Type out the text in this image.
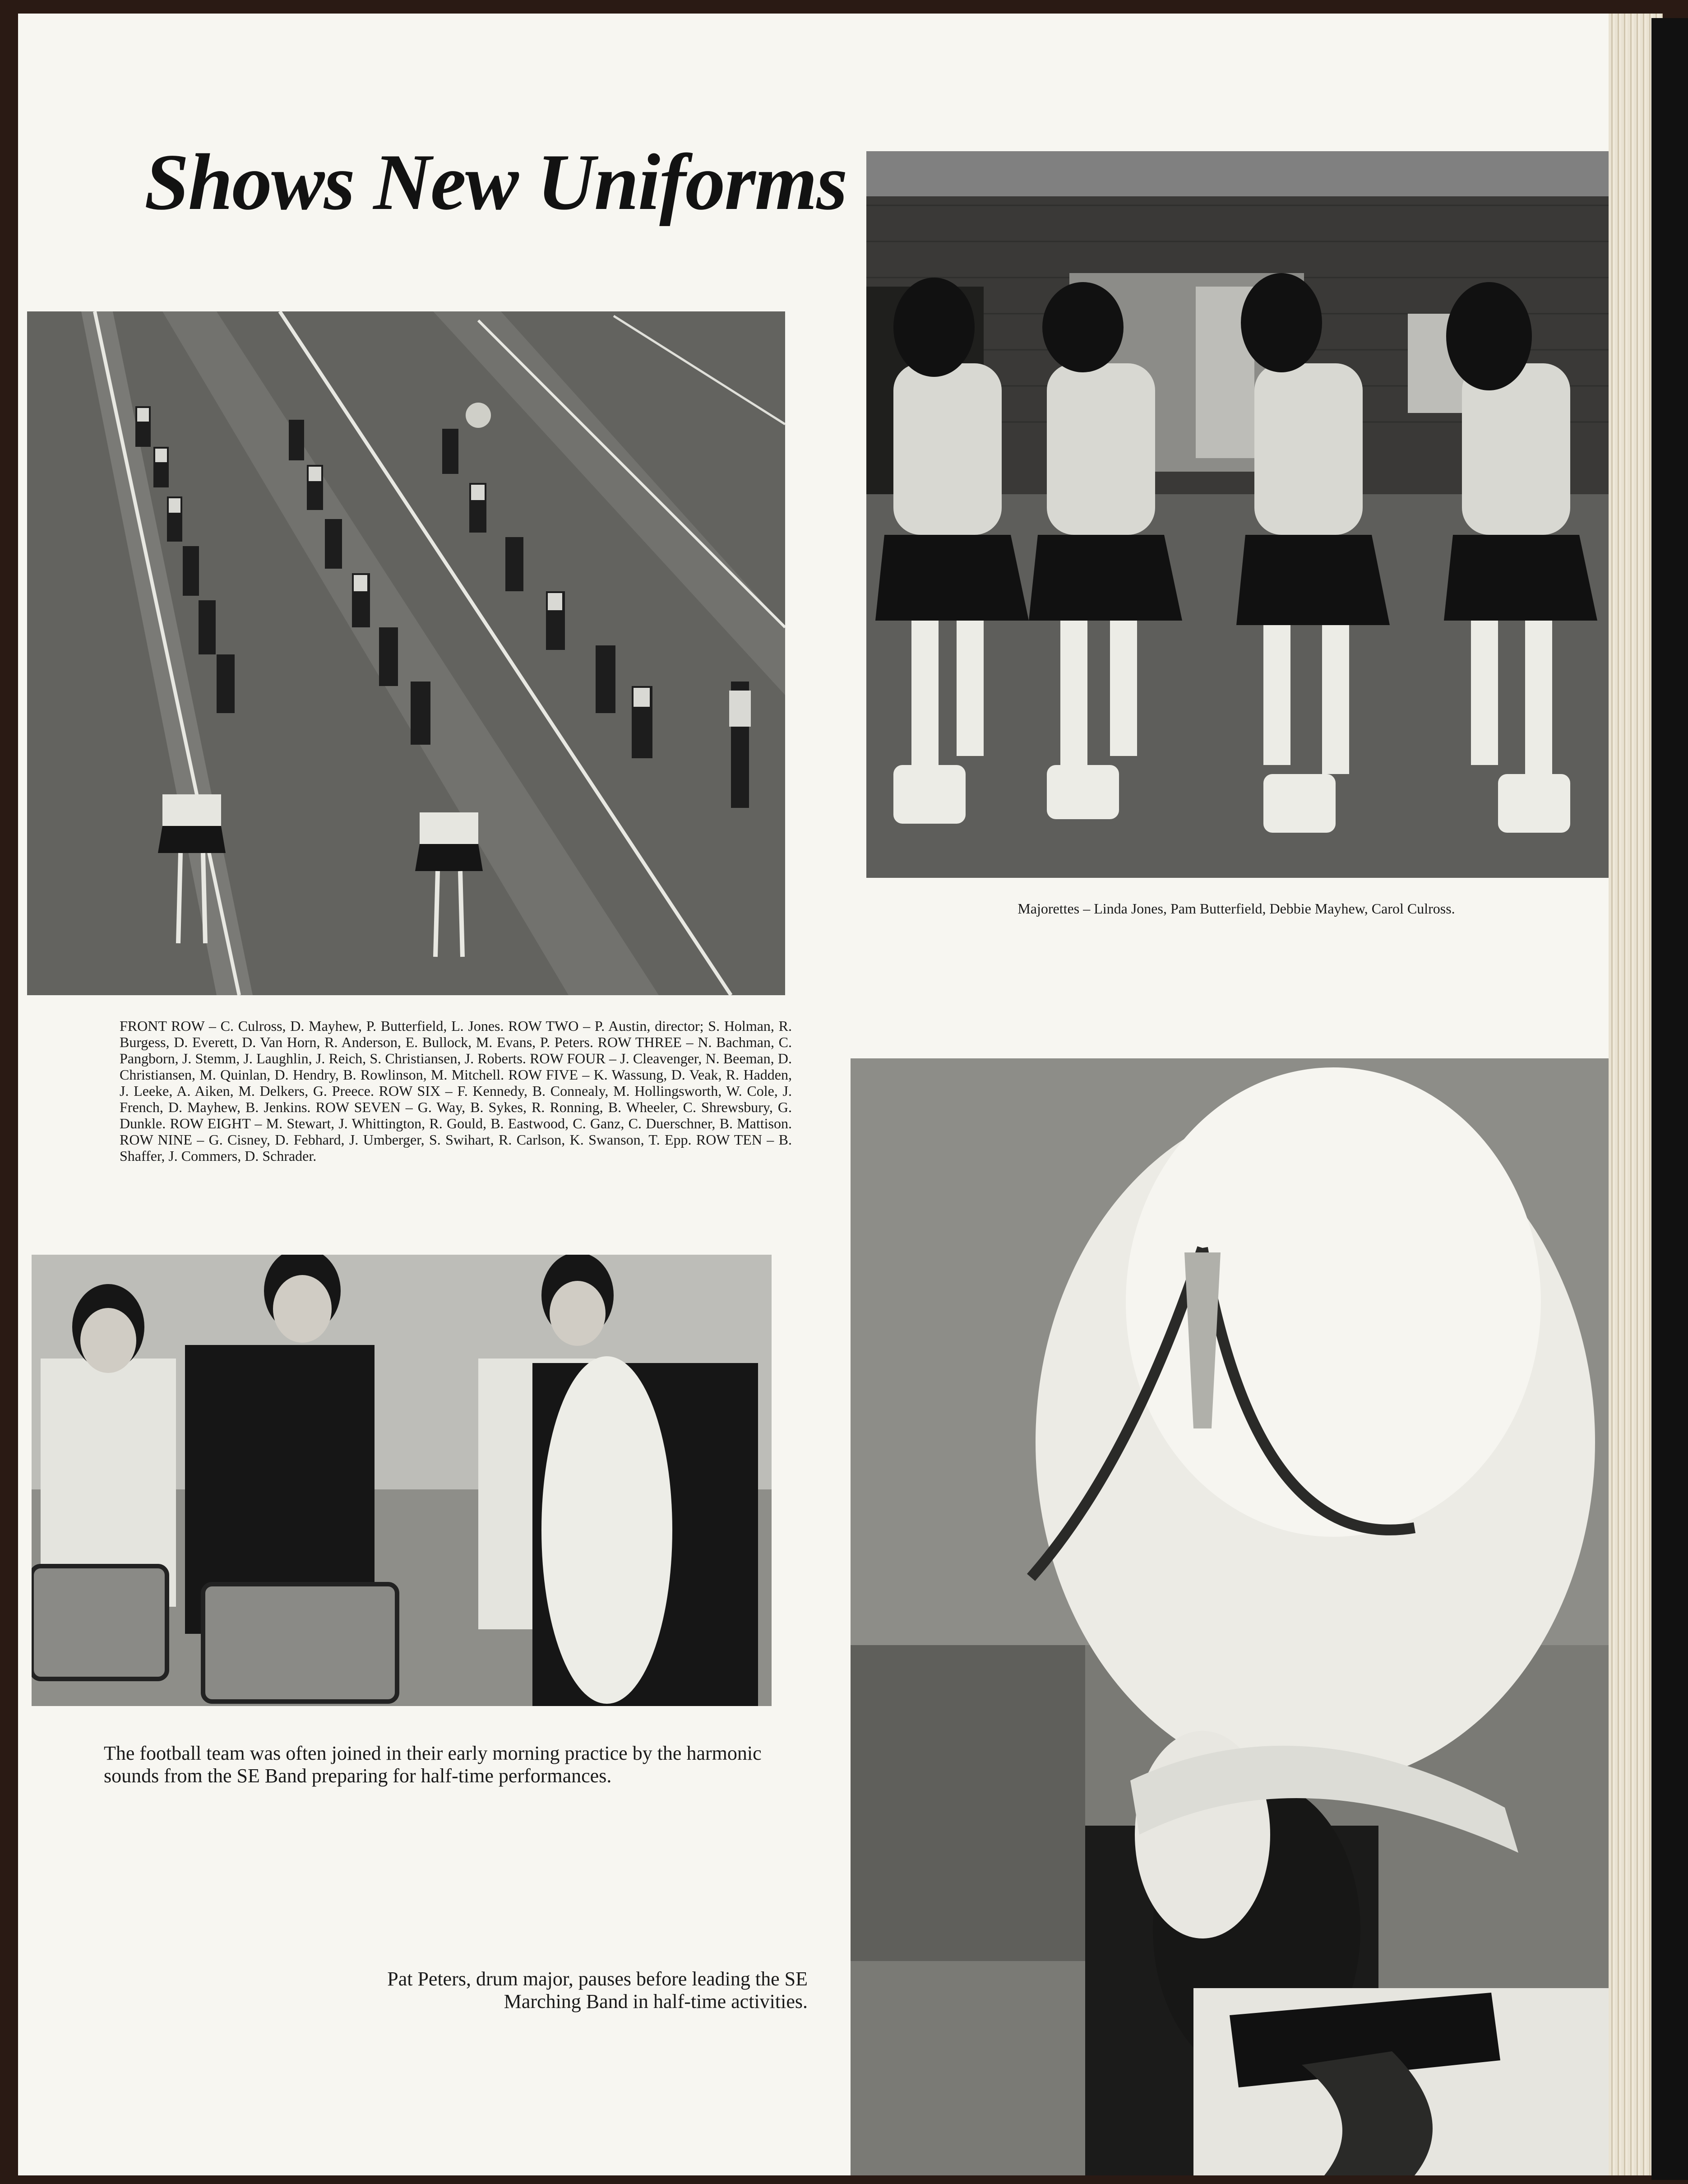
Shows New Uniforms

Majorettes – Linda Jones, Pam Butterfield, Debbie Mayhew, Carol Culross.

FRONT ROW – C. Culross, D. Mayhew, P. Butterfield, L. Jones. ROW TWO – P. Austin, director; S. Holman, R. Burgess, D. Everett, D. Van Horn, R. Anderson, E. Bullock, M. Evans, P. Peters. ROW THREE – N. Bachman, C. Pangborn, J. Stemm, J. Laughlin, J. Reich, S. Christiansen, J. Roberts. ROW FOUR – J. Cleavenger, N. Beeman, D. Christiansen, M. Quinlan, D. Hendry, B. Rowlinson, M. Mitchell. ROW FIVE – K. Wassung, D. Veak, R. Hadden, J. Leeke, A. Aiken, M. Delkers, G. Preece. ROW SIX – F. Kennedy, B. Connealy, M. Hollingsworth, W. Cole, J. French, D. Mayhew, B. Jenkins. ROW SEVEN – G. Way, B. Sykes, R. Ronning, B. Wheeler, C. Shrewsbury, G. Dunkle. ROW EIGHT – M. Stewart, J. Whittington, R. Gould, B. Eastwood, C. Ganz, C. Duerschner, B. Mattison. ROW NINE – G. Cisney, D. Febhard, J. Umberger, S. Swihart, R. Carlson, K. Swanson, T. Epp. ROW TEN – B. Shaffer, J. Commers, D. Schrader.

The football team was often joined in their early morning practice by the harmonic sounds from the SE Band preparing for half-time performances.

Pat Peters, drum major, pauses before leading the SE Marching Band in half-time activities.
